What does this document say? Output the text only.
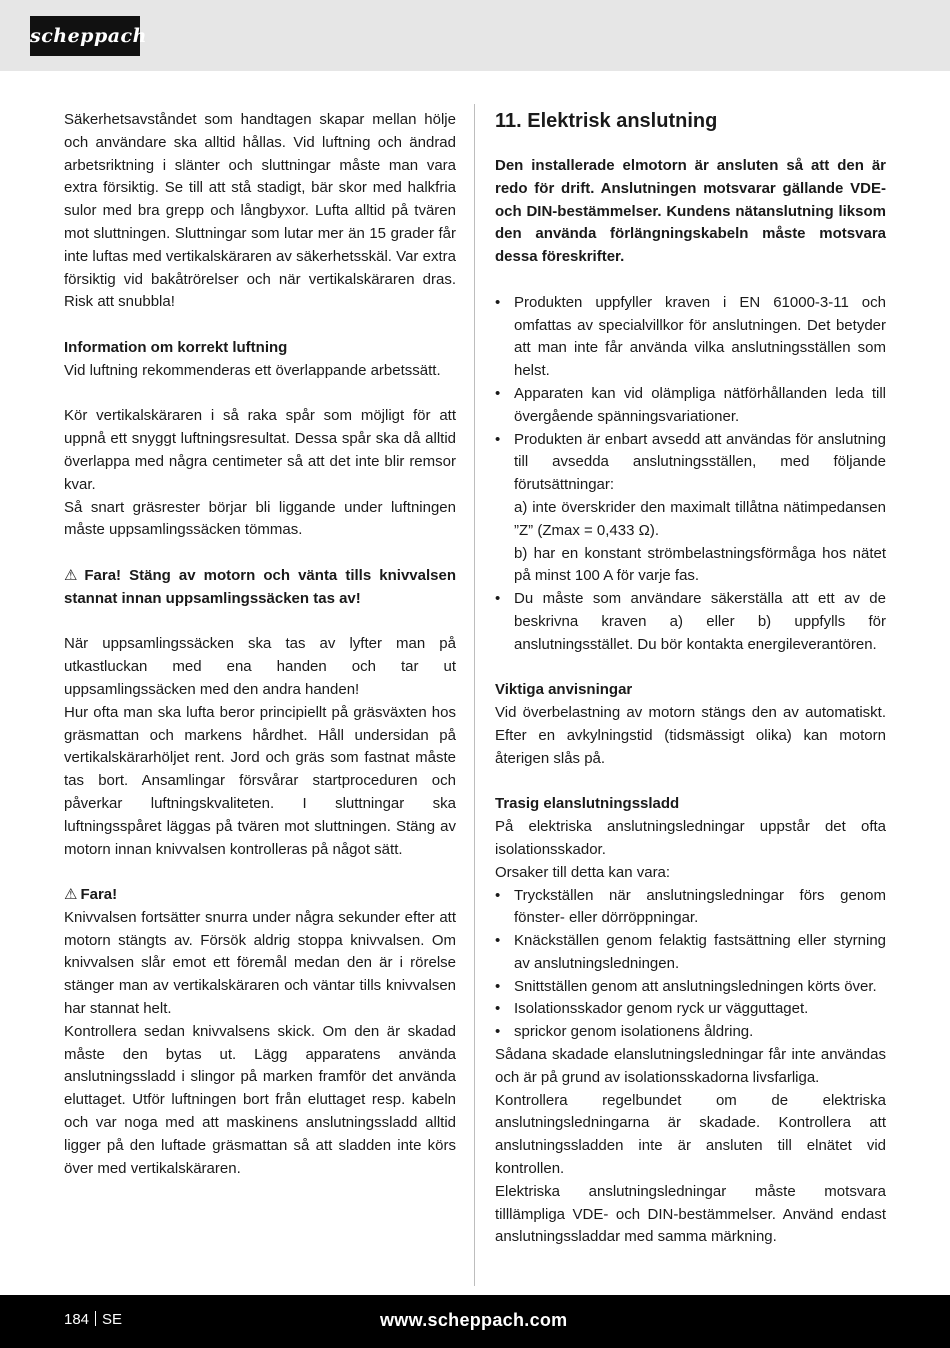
scheppach

Säkerhetsavståndet som handtagen skapar mellan hölje och användare ska alltid hållas. Vid luftning och ändrad arbetsriktning i slänter och sluttningar måste man vara extra försiktig. Se till att stå stadigt, bär skor med halkfria sulor med bra grepp och långbyxor. Lufta alltid på tvären mot sluttningen. Sluttningar som lutar mer än 15 grader får inte luftas med vertikalskäraren av säkerhetsskäl. Var extra försiktig vid bakåtrörelser och när vertikalskäraren dras. Risk att snubbla!

Information om korrekt luftning

Vid luftning rekommenderas ett överlappande arbetssätt.

Kör vertikalskäraren i så raka spår som möjligt för att uppnå ett snyggt luftningsresultat. Dessa spår ska då alltid överlappa med några centimeter så att det inte blir remsor kvar.

Så snart gräsrester börjar bli liggande under luftningen måste uppsamlingssäcken tömmas.

⚠ Fara! Stäng av motorn och vänta tills knivvalsen stannat innan uppsamlingssäcken tas av!

När uppsamlingssäcken ska tas av lyfter man på utkastluckan med ena handen och tar ut uppsamlingssäcken med den andra handen!

Hur ofta man ska lufta beror principiellt på gräsväxten hos gräsmattan och markens hårdhet. Håll undersidan på vertikalskärarhöljet rent. Jord och gräs som fastnat måste tas bort. Ansamlingar försvårar startproceduren och påverkar luftningskvaliteten. I sluttningar ska luftningsspåret läggas på tvären mot sluttningen. Stäng av motorn innan knivvalsen kontrolleras på något sätt.

⚠ Fara!

Knivvalsen fortsätter snurra under några sekunder efter att motorn stängts av. Försök aldrig stoppa knivvalsen. Om knivvalsen slår emot ett föremål medan den är i rörelse stänger man av vertikalskäraren och väntar tills knivvalsen har stannat helt.

Kontrollera sedan knivvalsens skick. Om den är skadad måste den bytas ut. Lägg apparatens använda anslutningssladd i slingor på marken framför det använda eluttaget. Utför luftningen bort från eluttaget resp. kabeln och var noga med att maskinens anslutningssladd alltid ligger på den luftade gräsmattan så att sladden inte körs över med vertikalskäraren.

11. Elektrisk anslutning

Den installerade elmotorn är ansluten så att den är redo för drift. Anslutningen motsvarar gällande VDE- och DIN-bestämmelser. Kundens nätanslutning liksom den använda förlängningskabeln måste motsvara dessa föreskrifter.

• Produkten uppfyller kraven i EN 61000-3-11 och omfattas av specialvillkor för anslutningen. Det betyder att man inte får använda vilka anslutningsställen som helst.
• Apparaten kan vid olämpliga nätförhållanden leda till övergående spänningsvariationer.
• Produkten är enbart avsedd att användas för anslutning till avsedda anslutningsställen, med följande förutsättningar:
a) inte överskrider den maximalt tillåtna nätimpedansen ”Z” (Zmax = 0,433 Ω).
b) har en konstant strömbelastningsförmåga hos nätet på minst 100 A för varje fas.
• Du måste som användare säkerställa att ett av de beskrivna kraven a) eller b) uppfylls för anslutningsstället. Du bör kontakta energileverantören.

Viktiga anvisningar

Vid överbelastning av motorn stängs den av automatiskt. Efter en avkylningstid (tidsmässigt olika) kan motorn återigen slås på.

Trasig elanslutningssladd

På elektriska anslutningsledningar uppstår det ofta isolationsskador.

Orsaker till detta kan vara:

• Tryckställen när anslutningsledningar förs genom fönster- eller dörröppningar.
• Knäckställen genom felaktig fastsättning eller styrning av anslutningsledningen.
• Snittställen genom att anslutningsledningen körts över.
• Isolationsskador genom ryck ur vägguttaget.
• sprickor genom isolationens åldring.

Sådana skadade elanslutningsledningar får inte användas och är på grund av isolationsskadorna livsfarliga.

Kontrollera regelbundet om de elektriska anslutningsledningarna är skadade. Kontrollera att anslutningssladden inte är ansluten till elnätet vid kontrollen.

Elektriska anslutningsledningar måste motsvara tilllämpliga VDE- och DIN-bestämmelser. Använd endast anslutningssladdar med samma märkning.

184 SE	www.scheppach.com
